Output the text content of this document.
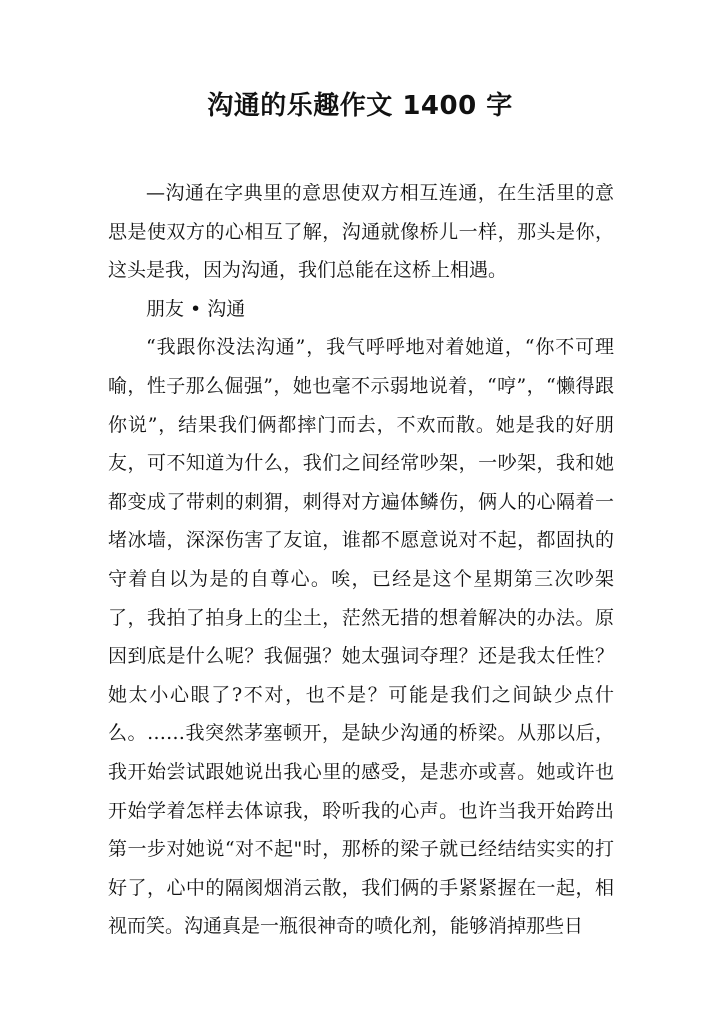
沟通的乐趣作文 1400 字

—沟通在字典里的意思使双方相互连通，在生活里的意思是使双方的心相互了解，沟通就像桥儿一样，那头是你，这头是我，因为沟通，我们总能在这桥上相遇。

朋友 • 沟通

“我跟你没法沟通”，我气呼呼地对着她道，“你不可理喻，性子那么倔强”，她也毫不示弱地说着，“哼”，“懒得跟你说”，结果我们俩都摔门而去，不欢而散。她是我的好朋友，可不知道为什么，我们之间经常吵架，一吵架，我和她都变成了带刺的刺猬，刺得对方遍体鳞伤，俩人的心隔着一堵冰墙，深深伤害了友谊，谁都不愿意说对不起，都固执的守着自以为是的自尊心。唉，已经是这个星期第三次吵架了，我拍了拍身上的尘土，茫然无措的想着解决的办法。原因到底是什么呢？我倔强？她太强词夺理？还是我太任性？她太小心眼了?不对，也不是？可能是我们之间缺少点什么。……我突然茅塞顿开，是缺少沟通的桥梁。从那以后，我开始尝试跟她说出我心里的感受，是悲亦或喜。她或许也开始学着怎样去体谅我，聆听我的心声。也许当我开始跨出第一步对她说“对不起"时，那桥的梁子就已经结结实实的打好了，心中的隔阂烟消云散，我们俩的手紧紧握在一起，相视而笑。沟通真是一瓶很神奇的喷化剂，能够消掉那些日
